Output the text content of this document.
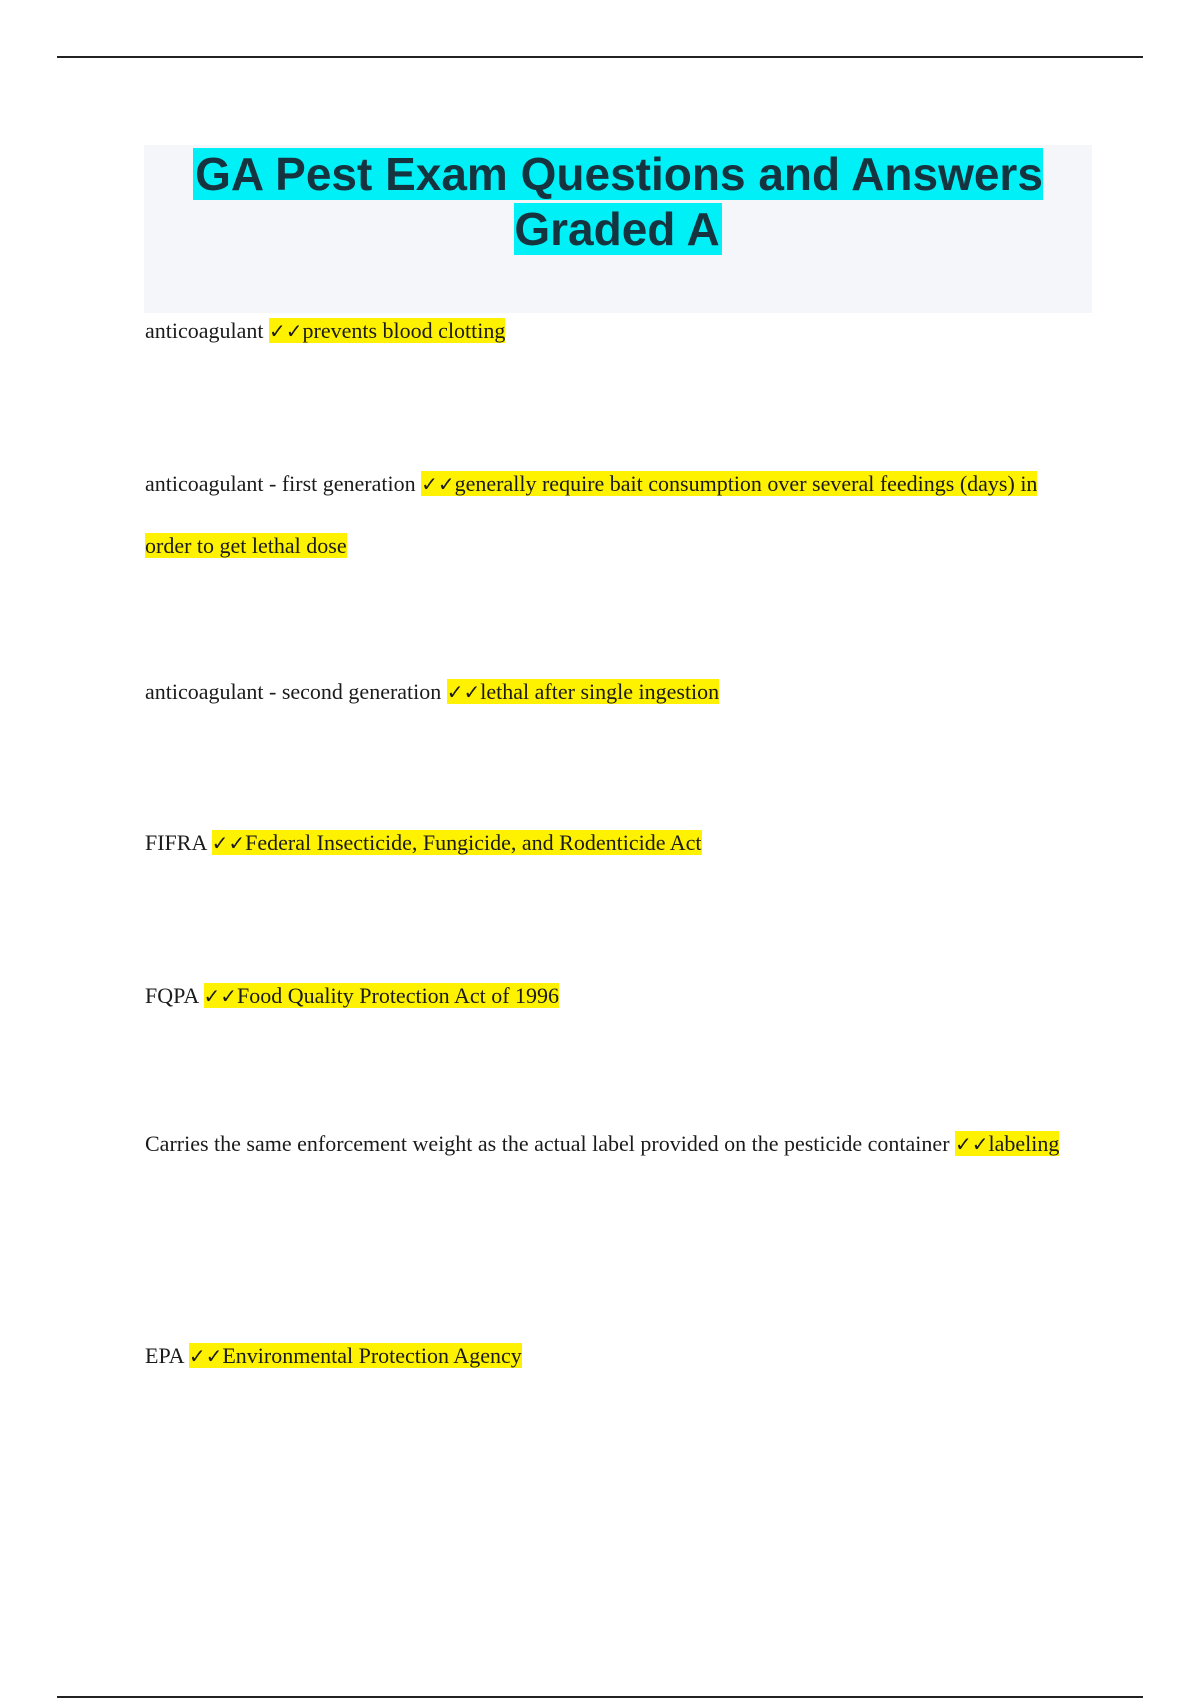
GA Pest Exam Questions and Answers Graded A

anticoagulant ✓✓prevents blood clotting

anticoagulant - first generation ✓✓generally require bait consumption over several feedings (days) in order to get lethal dose

anticoagulant - second generation ✓✓lethal after single ingestion

FIFRA ✓✓Federal Insecticide, Fungicide, and Rodenticide Act

FQPA ✓✓Food Quality Protection Act of 1996

Carries the same enforcement weight as the actual label provided on the pesticide container ✓✓labeling

EPA ✓✓Environmental Protection Agency
